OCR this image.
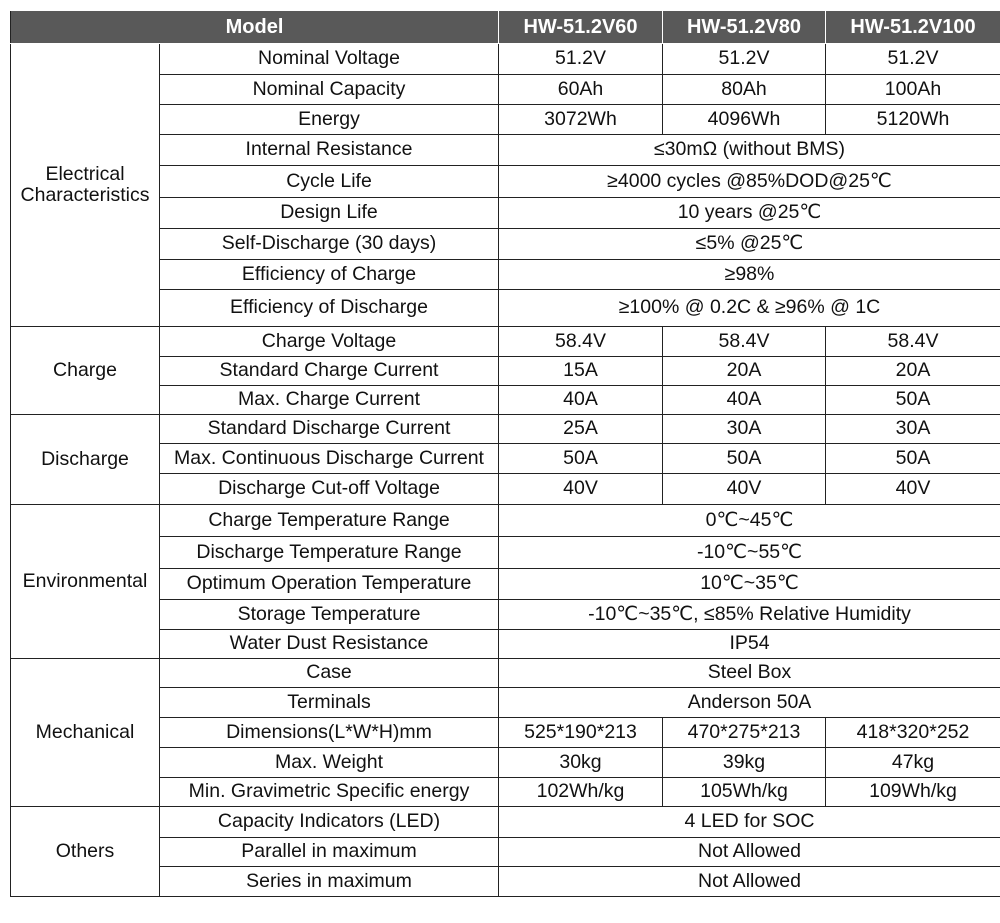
Model		HW-51.2V60	HW-51.2V80	HW-51.2V100
Electrical Characteristics	Nominal Voltage	51.2V	51.2V	51.2V
	Nominal Capacity	60Ah	80Ah	100Ah
	Energy	3072Wh	4096Wh	5120Wh
	Internal Resistance	≤30mΩ (without BMS)		
	Cycle Life	≥4000 cycles @85%DOD@25℃		
	Design Life	10 years @25℃		
	Self-Discharge (30 days)	≤5% @25℃		
	Efficiency of Charge	≥98%		
	Efficiency of Discharge	≥100% @ 0.2C & ≥96% @ 1C		
Charge	Charge Voltage	58.4V	58.4V	58.4V
	Standard Charge Current	15A	20A	20A
	Max. Charge Current	40A	40A	50A
Discharge	Standard Discharge Current	25A	30A	30A
	Max. Continuous Discharge Current	50A	50A	50A
	Discharge Cut-off Voltage	40V	40V	40V
Environmental	Charge Temperature Range	0℃~45℃		
	Discharge Temperature Range	-10℃~55℃		
	Optimum Operation Temperature	10℃~35℃		
	Storage Temperature	-10℃~35℃, ≤85% Relative Humidity		
	Water Dust Resistance	IP54		
Mechanical	Case	Steel Box		
	Terminals	Anderson 50A		
	Dimensions(L*W*H)mm	525*190*213	470*275*213	418*320*252
	Max. Weight	30kg	39kg	47kg
	Min. Gravimetric Specific energy	102Wh/kg	105Wh/kg	109Wh/kg
Others	Capacity Indicators (LED)	4 LED for SOC		
	Parallel in maximum	Not Allowed		
	Series in maximum	Not Allowed		
